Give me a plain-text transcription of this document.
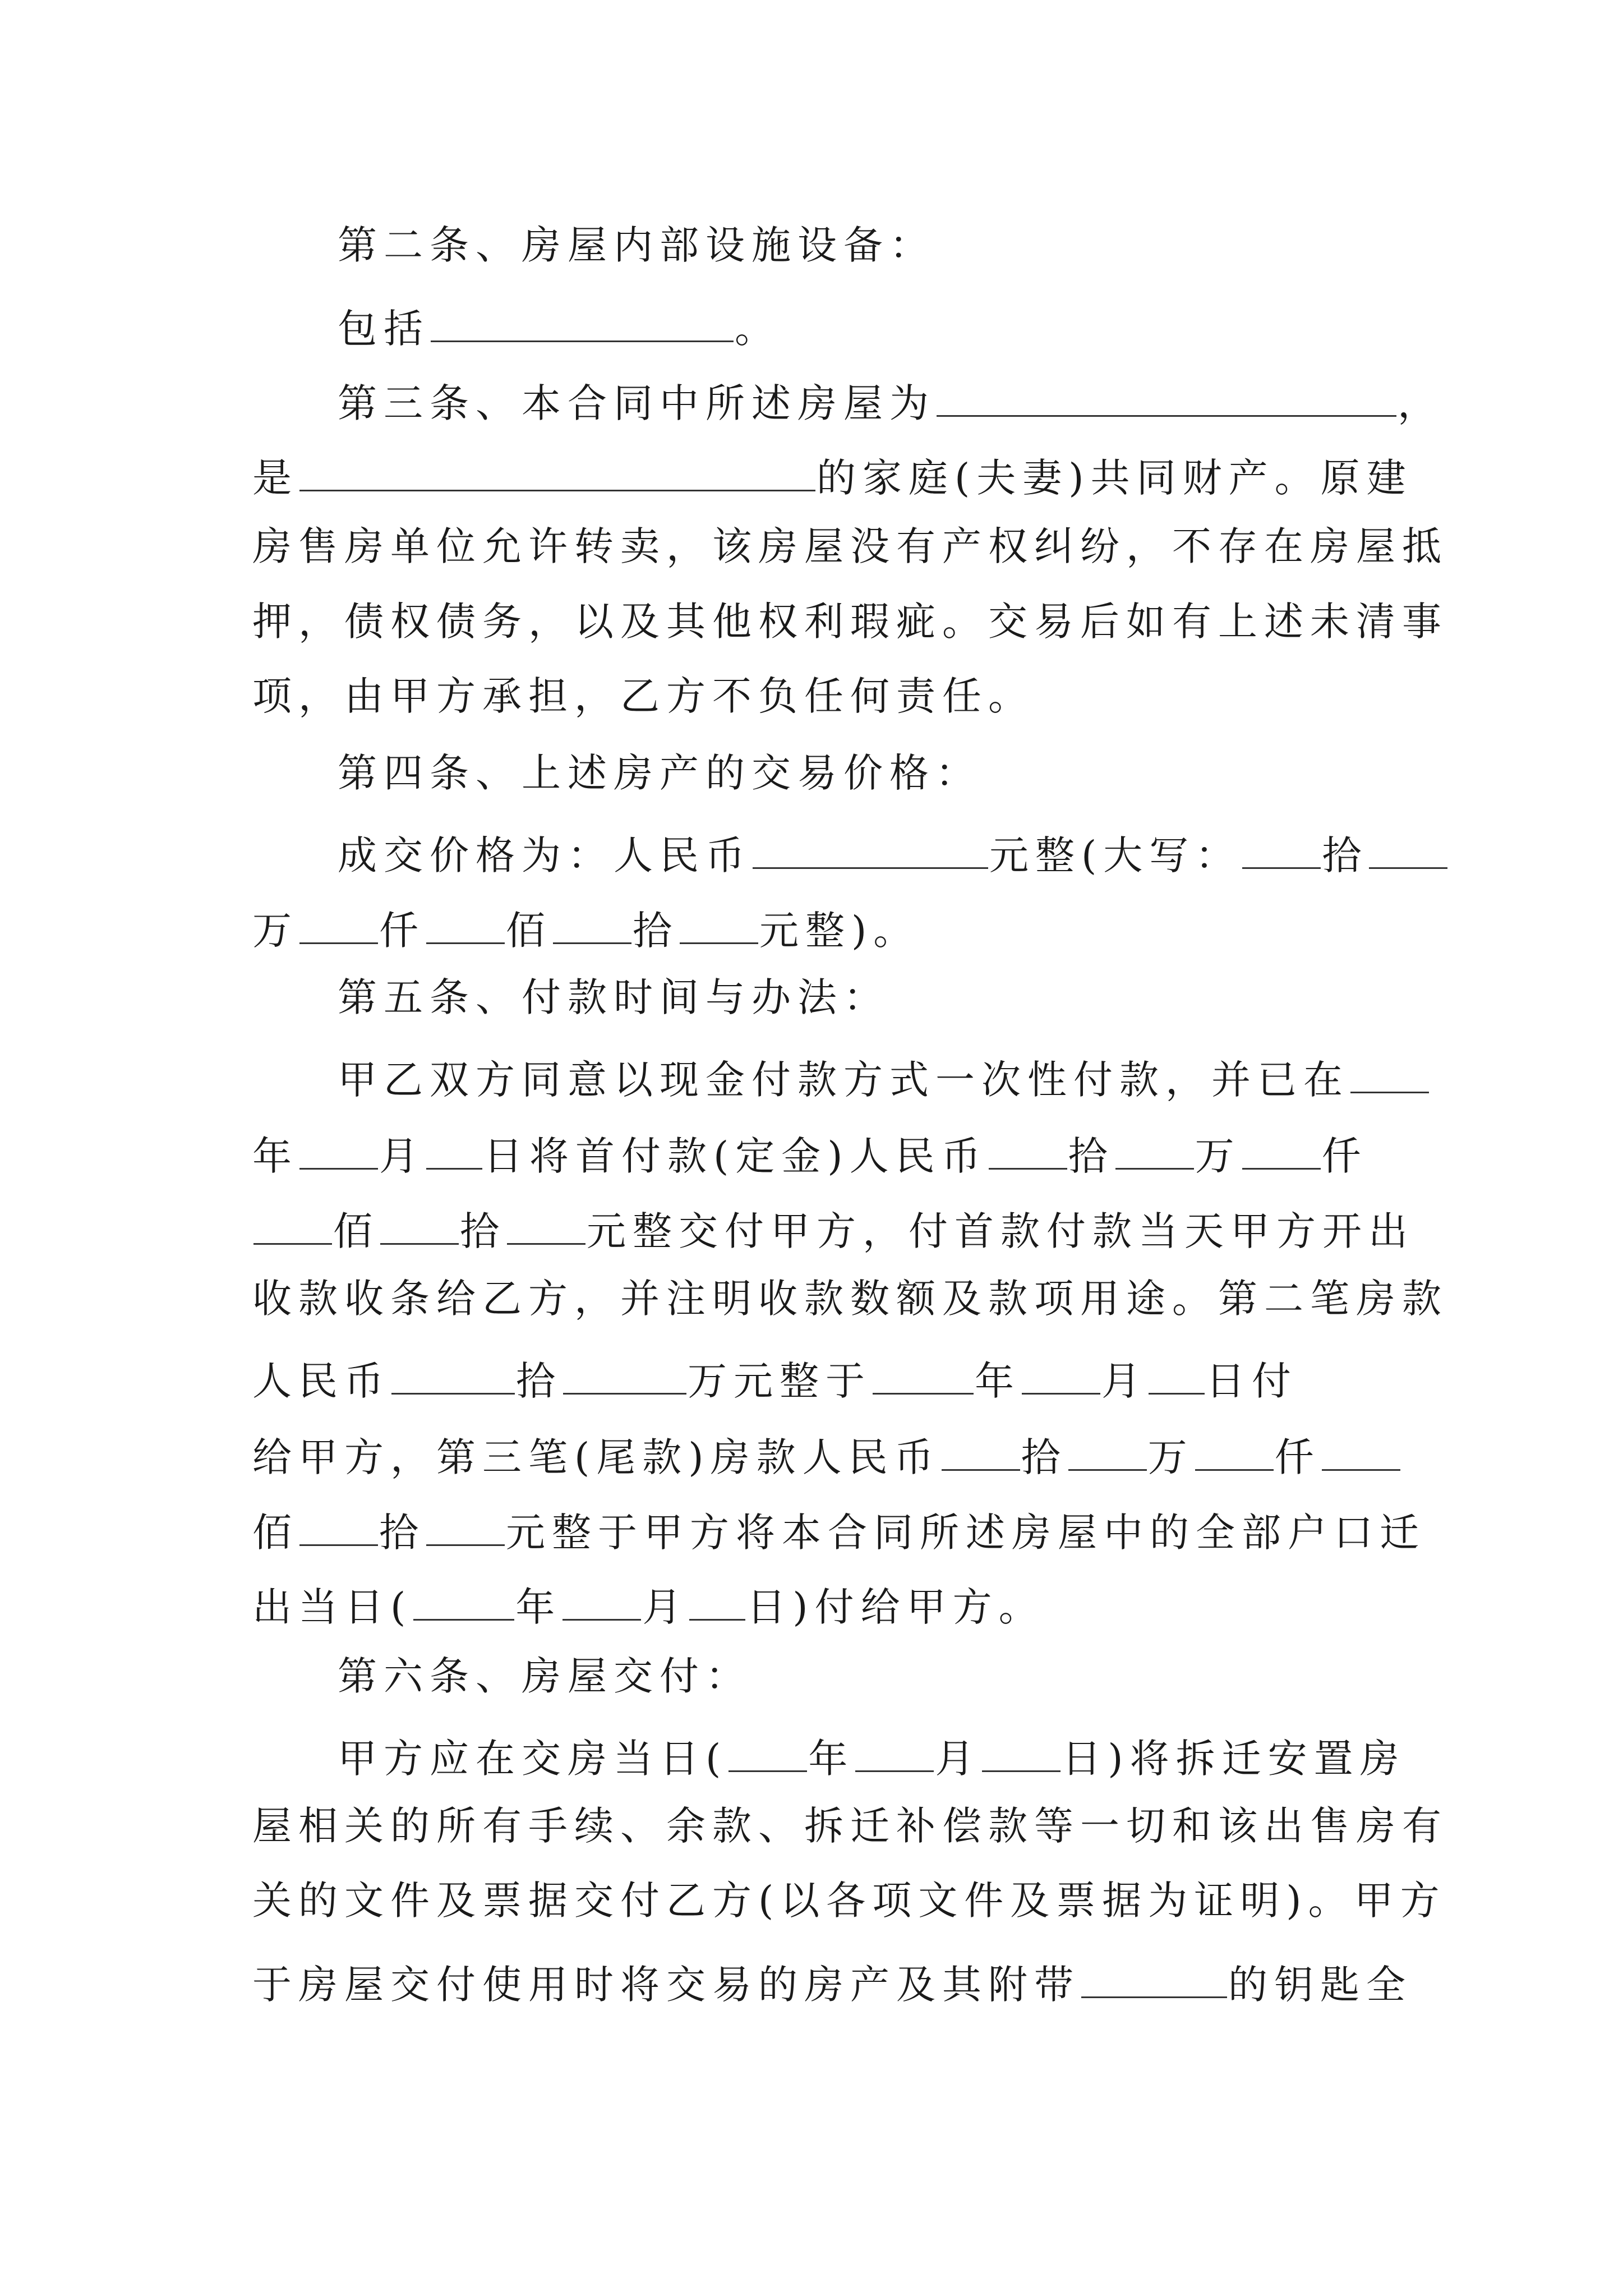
第二条、房屋内部设施设备：
包括	。
第三条、本合同中所述房屋为	，
是	的家庭(夫妻)共同财产。原建
房售房单位允许转卖，该房屋没有产权纠纷，不存在房屋抵
押，债权债务，以及其他权利瑕疵。交易后如有上述未清事
项，由甲方承担，乙方不负任何责任。
第四条、上述房产的交易价格：
成交价格为：人民币	元整(大写： 拾
万 仟 佰 拾 元整)。
第五条、付款时间与办法：
甲乙双方同意以现金付款方式一次性付款，并已在
年 月 日将首付款(定金)人民币 拾 万 仟
佰 拾 元整交付甲方，付首款付款当天甲方开出
收款收条给乙方，并注明收款数额及款项用途。第二笔房款
人民币	拾	万元整于	年 月 日付
给甲方，第三笔(尾款)房款人民币 拾 万 仟
佰 拾 元整于甲方将本合同所述房屋中的全部户口迁
出当日(	年 月 日)付给甲方。
第六条、房屋交付：
甲方应在交房当日( 年 月 日)将拆迁安置房
屋相关的所有手续、余款、拆迁补偿款等一切和该出售房有
关的文件及票据交付乙方(以各项文件及票据为证明)。甲方
于房屋交付使用时将交易的房产及其附带	的钥匙全
